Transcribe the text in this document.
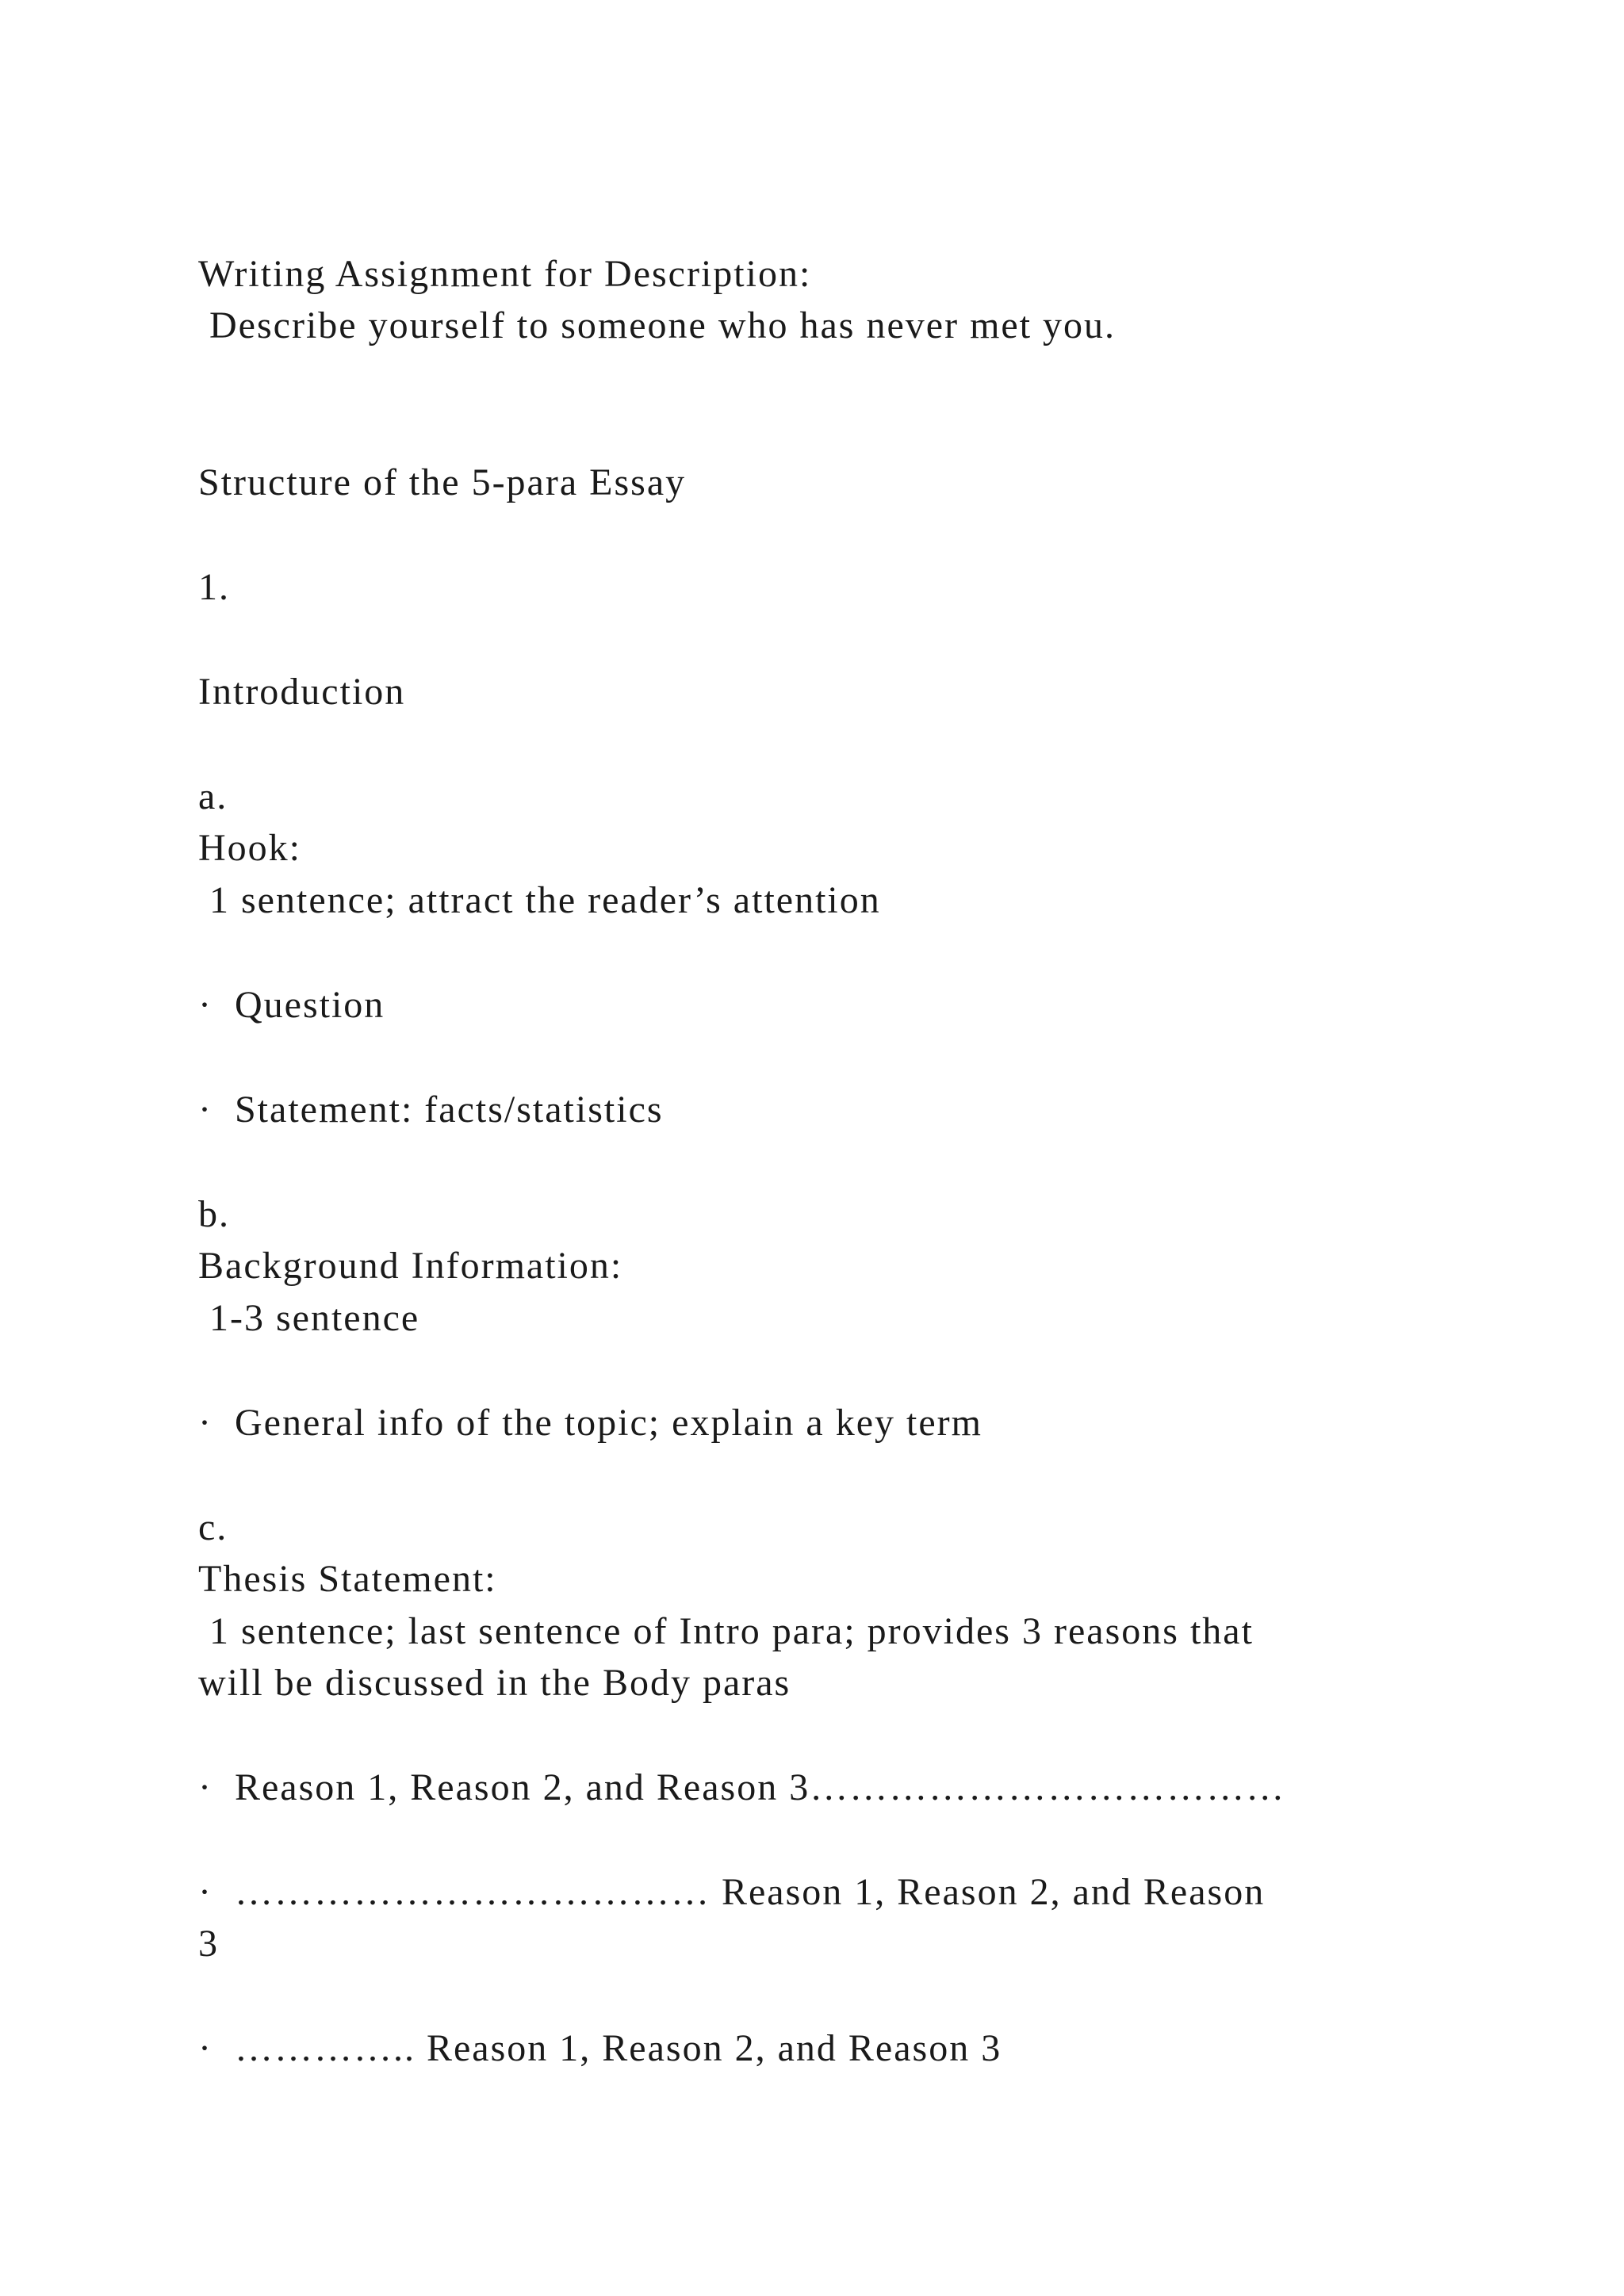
Writing Assignment for Description:

Describe yourself to someone who has never met you.

Structure of the 5-para Essay

1.

Introduction

a.

Hook:

1 sentence; attract the reader’s attention

·  Question

·  Statement: facts/statistics

b.

Background Information:

1-3 sentence

·  General info of the topic; explain a key term

c.

Thesis Statement:

1 sentence; last sentence of Intro para; provides 3 reasons that

will be discussed in the Body paras

·  Reason 1, Reason 2, and Reason 3………………………………

·  ……………………………… Reason 1, Reason 2, and Reason

3

·  ………….. Reason 1, Reason 2, and Reason 3
